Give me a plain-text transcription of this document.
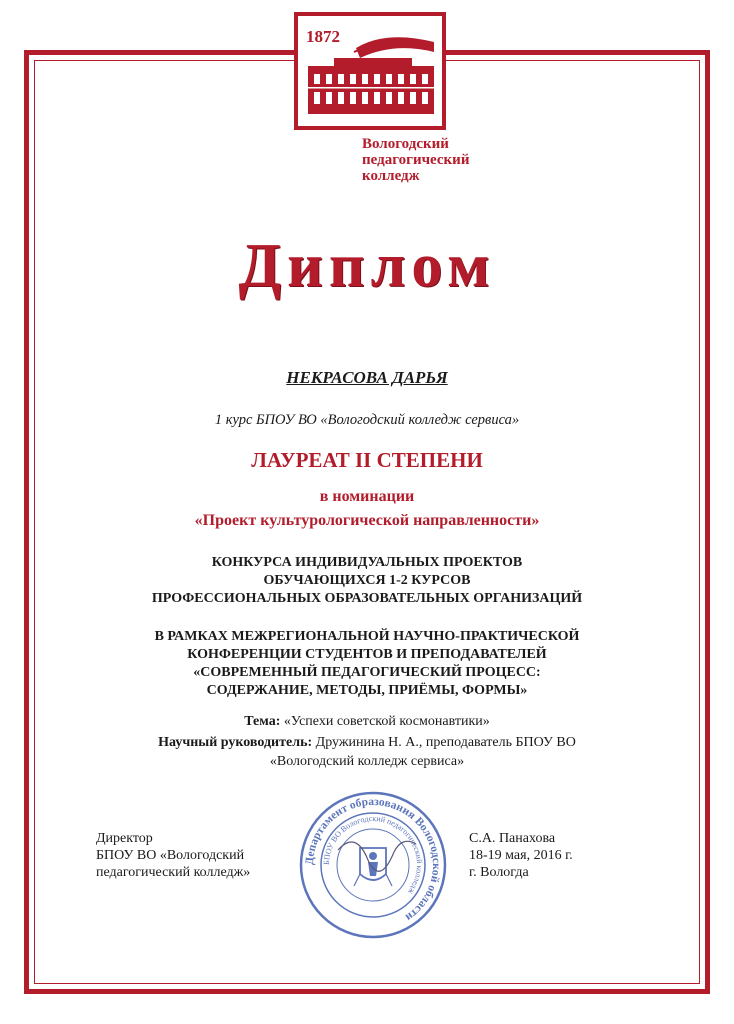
1872
Вологодский
педагогический
колледж
Диплом
НЕКРАСОВА ДАРЬЯ
1 курс БПОУ ВО «Вологодский колледж сервиса»
ЛАУРЕАТ II СТЕПЕНИ
в номинации
«Проект культурологической направленности»
КОНКУРСА ИНДИВИДУАЛЬНЫХ ПРОЕКТОВ
ОБУЧАЮЩИХСЯ 1-2 КУРСОВ
ПРОФЕССИОНАЛЬНЫХ ОБРАЗОВАТЕЛЬНЫХ ОРГАНИЗАЦИЙ
В РАМКАХ МЕЖРЕГИОНАЛЬНОЙ НАУЧНО-ПРАКТИЧЕСКОЙ
КОНФЕРЕНЦИИ СТУДЕНТОВ И ПРЕПОДАВАТЕЛЕЙ
«СОВРЕМЕННЫЙ ПЕДАГОГИЧЕСКИЙ ПРОЦЕСС:
СОДЕРЖАНИЕ, МЕТОДЫ, ПРИЁМЫ, ФОРМЫ»
Тема: «Успехи советской космонавтики»
Научный руководитель: Дружинина Н. А., преподаватель БПОУ ВО
«Вологодский колледж сервиса»
Директор
БПОУ ВО «Вологодский
педагогический колледж»
Департамент образования Вологодской области
БПОУ ВО Вологодский педагогический колледж
С.А. Панахова
18-19 мая, 2016 г.
г. Вологда
